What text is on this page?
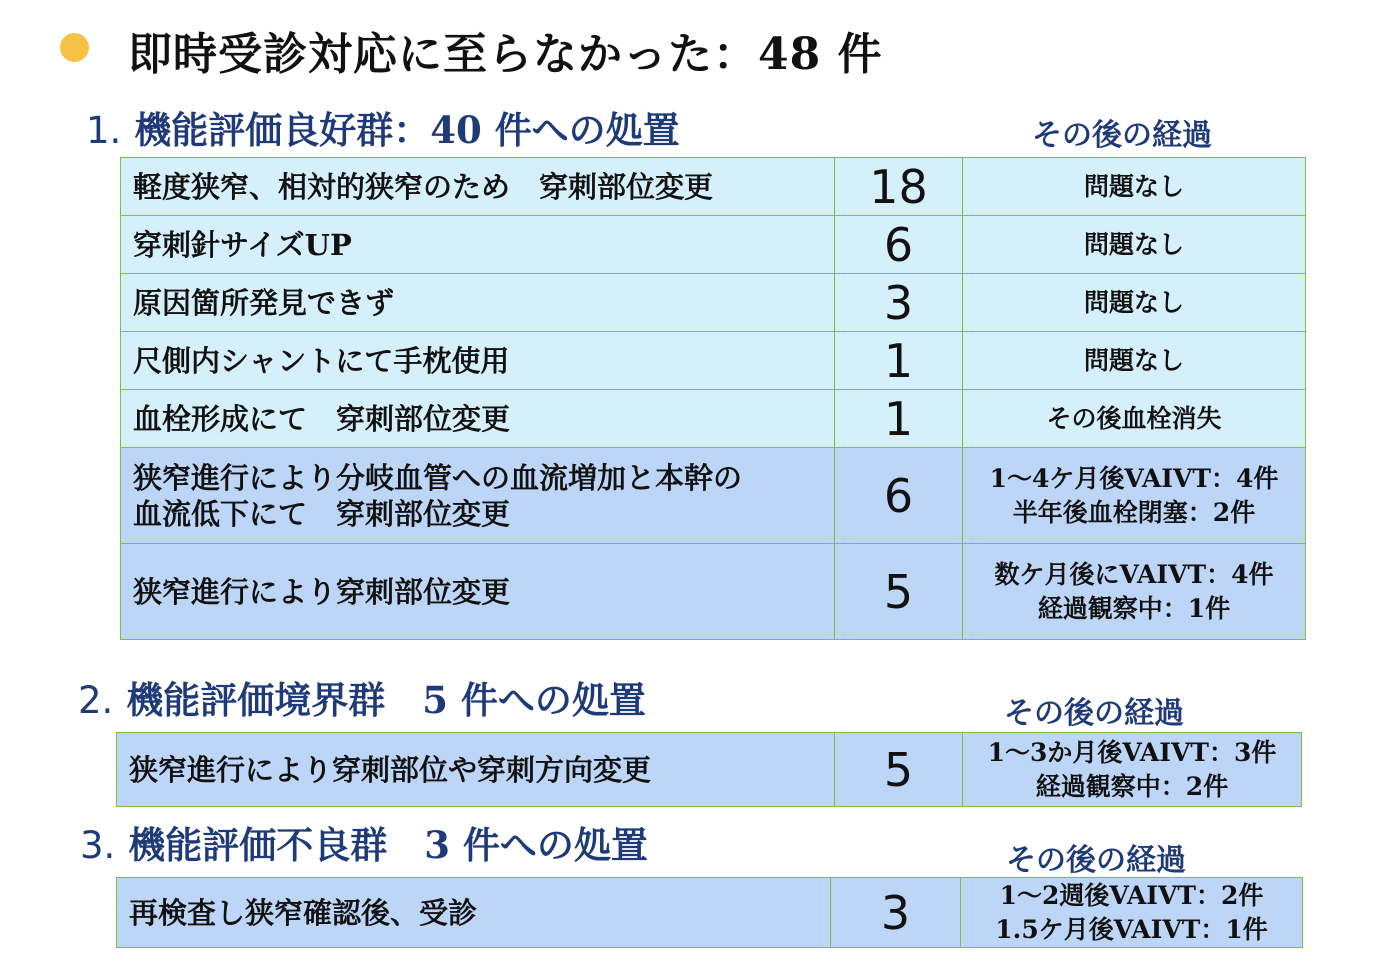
即時受診対応に至らなかった：48 件
1. 機能評価良好群：40 件への処置	その後の経過
軽度狭窄、相対的狭窄のため　穿刺部位変更	18	問題なし
穿刺針サイズUP	6	問題なし
原因箇所発見できず	3	問題なし
尺側内シャントにて手枕使用	1	問題なし
血栓形成にて　穿刺部位変更	1	その後血栓消失

狭窄進行により分岐血管への血流増加と本幹の
血流低下にて　穿刺部位変更	6	1～4ケ月後VAIVT：4件
半年後血栓閉塞：2件

狭窄進行により穿刺部位変更	5	数ケ月後にVAIVT：4件
経過観察中：1件
2. 機能評価境界群　5 件への処置	その後の経過
狭窄進行により穿刺部位や穿刺方向変更	5	1～3か月後VAIVT：3件
経過観察中：2件
3. 機能評価不良群　3 件への処置	その後の経過
再検査し狭窄確認後、受診	3	1～2週後VAIVT：2件
1.5ケ月後VAIVT：1件
